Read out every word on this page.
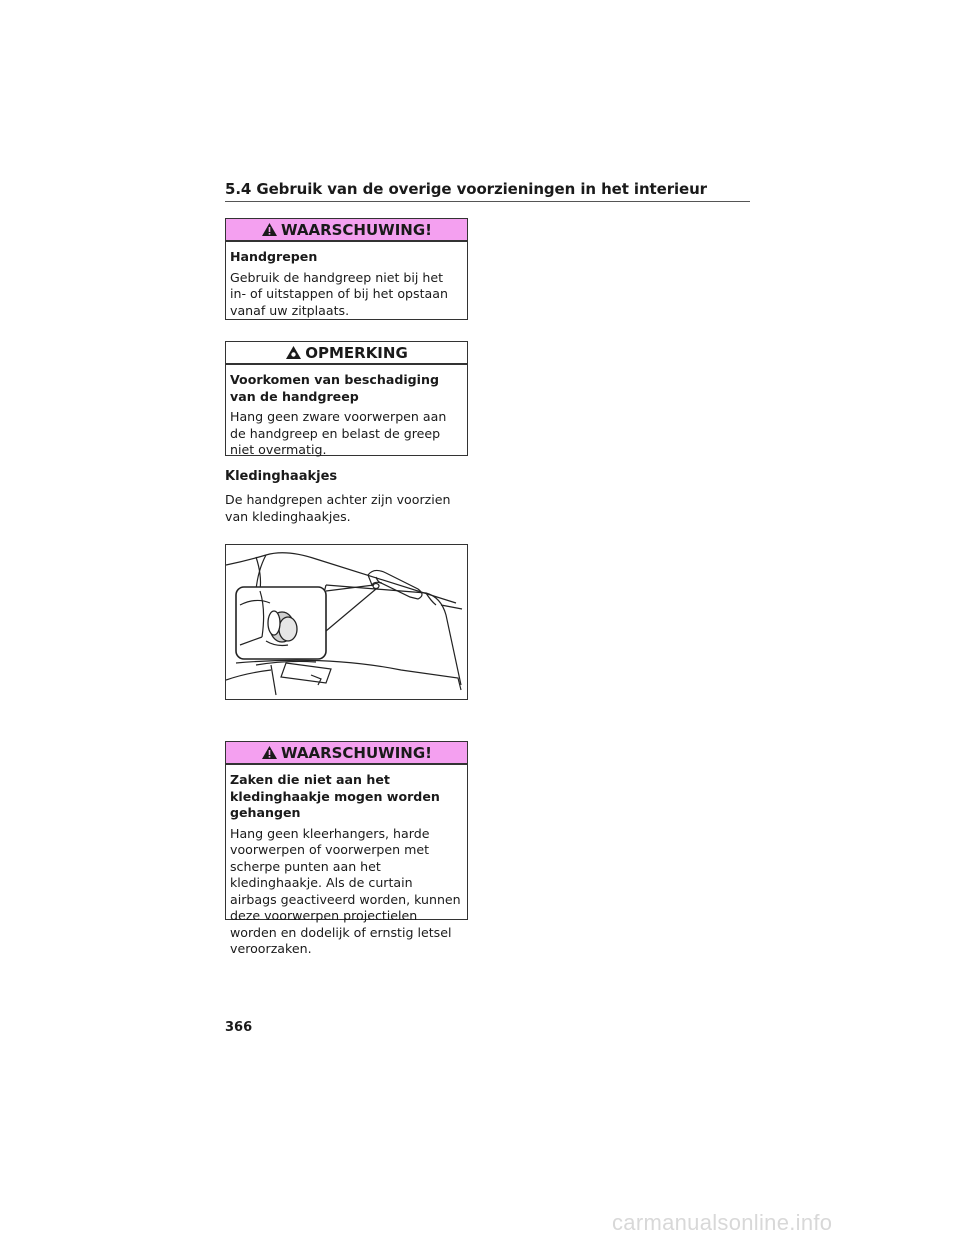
5.4 Gebruik van de overige voorzieningen in het interieur
WAARSCHUWING!
Handgrepen

Gebruik de handgreep niet bij het in- of uitstappen of bij het opstaan vanaf uw zitplaats.

OPMERKING
Voorkomen van beschadiging van de handgreep

Hang geen zware voorwerpen aan de handgreep en belast de greep niet overmatig.

Kledinghaakjes
De handgrepen achter zijn voorzien van kledinghaakjes.
WAARSCHUWING!
Zaken die niet aan het kledinghaakje mogen worden gehangen

Hang geen kleerhangers, harde voorwerpen of voorwerpen met scherpe punten aan het kledinghaakje. Als de curtain airbags geactiveerd worden, kunnen deze voorwerpen projectielen worden en dodelijk of ernstig letsel veroorzaken.

366
carmanualsonline.info
